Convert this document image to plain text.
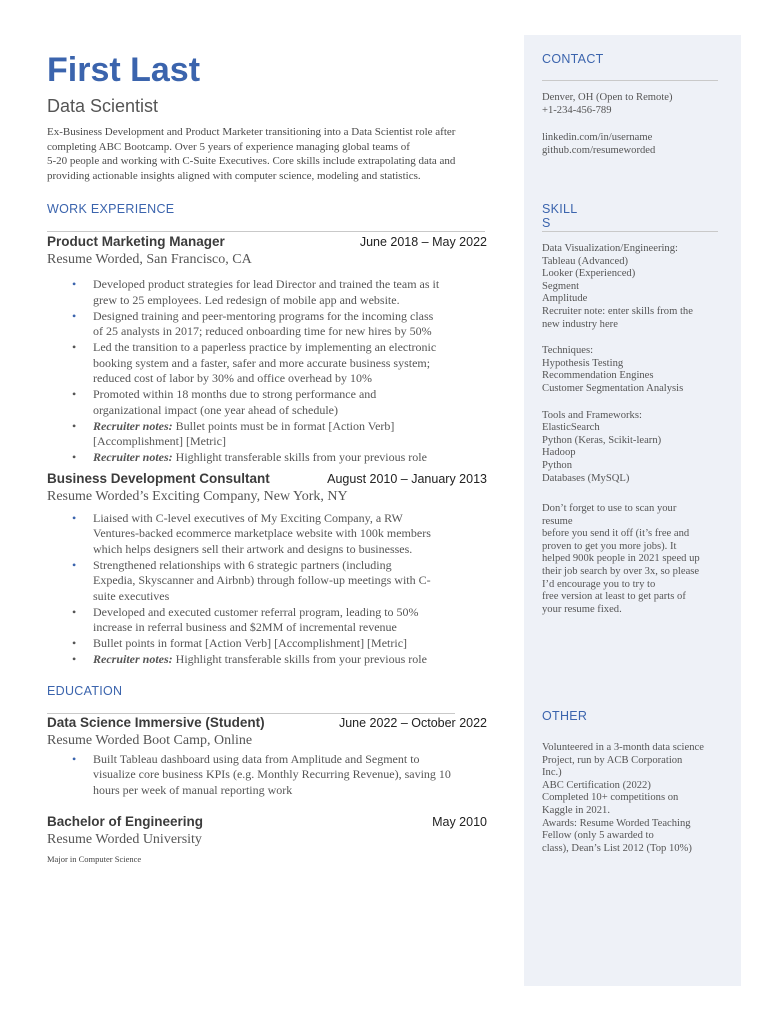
First Last
Data Scientist
Ex-Business Development and Product Marketer transitioning into a Data Scientist role after
completing ABC Bootcamp. Over 5 years of experience managing global teams of
5-20 people and working with C-Suite Executives. Core skills include extrapolating data and
providing actionable insights aligned with computer science, modeling and statistics.
WORK EXPERIENCE
Product Marketing Manager	June 2018 – May 2022
Resume Worded, San Francisco, CA
• Developed product strategies for lead Director and trained the team as it
grew to 25 employees. Led redesign of mobile app and website.
• Designed training and peer-mentoring programs for the incoming class
of 25 analysts in 2017; reduced onboarding time for new hires by 50%
• Led the transition to a paperless practice by implementing an electronic
booking system and a faster, safer and more accurate business system;
reduced cost of labor by 30% and office overhead by 10%
• Promoted within 18 months due to strong performance and
organizational impact (one year ahead of schedule)
• Recruiter notes: Bullet points must be in format [Action Verb]
[Accomplishment] [Metric]
• Recruiter notes: Highlight transferable skills from your previous role
Business Development Consultant	August 2010 – January 2013
Resume Worded’s Exciting Company, New York, NY
• Liaised with C-level executives of My Exciting Company, a RW
Ventures-backed ecommerce marketplace website with 100k members
which helps designers sell their artwork and designs to businesses.
• Strengthened relationships with 6 strategic partners (including
Expedia, Skyscanner and Airbnb) through follow-up meetings with C-
suite executives
• Developed and executed customer referral program, leading to 50%
increase in referral business and $2MM of incremental revenue
• Bullet points in format [Action Verb] [Accomplishment] [Metric]
• Recruiter notes: Highlight transferable skills from your previous role
EDUCATION
Data Science Immersive (Student)	June 2022 – October 2022
Resume Worded Boot Camp, Online
• Built Tableau dashboard using data from Amplitude and Segment to
visualize core business KPIs (e.g. Monthly Recurring Revenue), saving 10
hours per week of manual reporting work
Bachelor of Engineering	May 2010
Resume Worded University
Major in Computer Science
CONTACT
Denver, OH (Open to Remote)
+1-234-456-789
linkedin.com/in/username
github.com/resumeworded
SKILL
S
Data Visualization/Engineering:
Tableau (Advanced)
Looker (Experienced)
Segment
Amplitude
Recruiter note: enter skills from the
new industry here
Techniques:
Hypothesis Testing
Recommendation Engines
Customer Segmentation Analysis
Tools and Frameworks:
ElasticSearch
Python (Keras, Scikit-learn)
Hadoop
Python
Databases (MySQL)
Don’t forget to use to scan your
resume
before you send it off (it’s free and
proven to get you more jobs). It
helped 900k people in 2021 speed up
their job search by over 3x, so please
I’d encourage you to try to
free version at least to get parts of
your resume fixed.
OTHER
Volunteered in a 3-month data science
Project, run by ACB Corporation
Inc.)
ABC Certification (2022)
Completed 10+ competitions on
Kaggle in 2021.
Awards: Resume Worded Teaching
Fellow (only 5 awarded to
class), Dean’s List 2012 (Top 10%)
